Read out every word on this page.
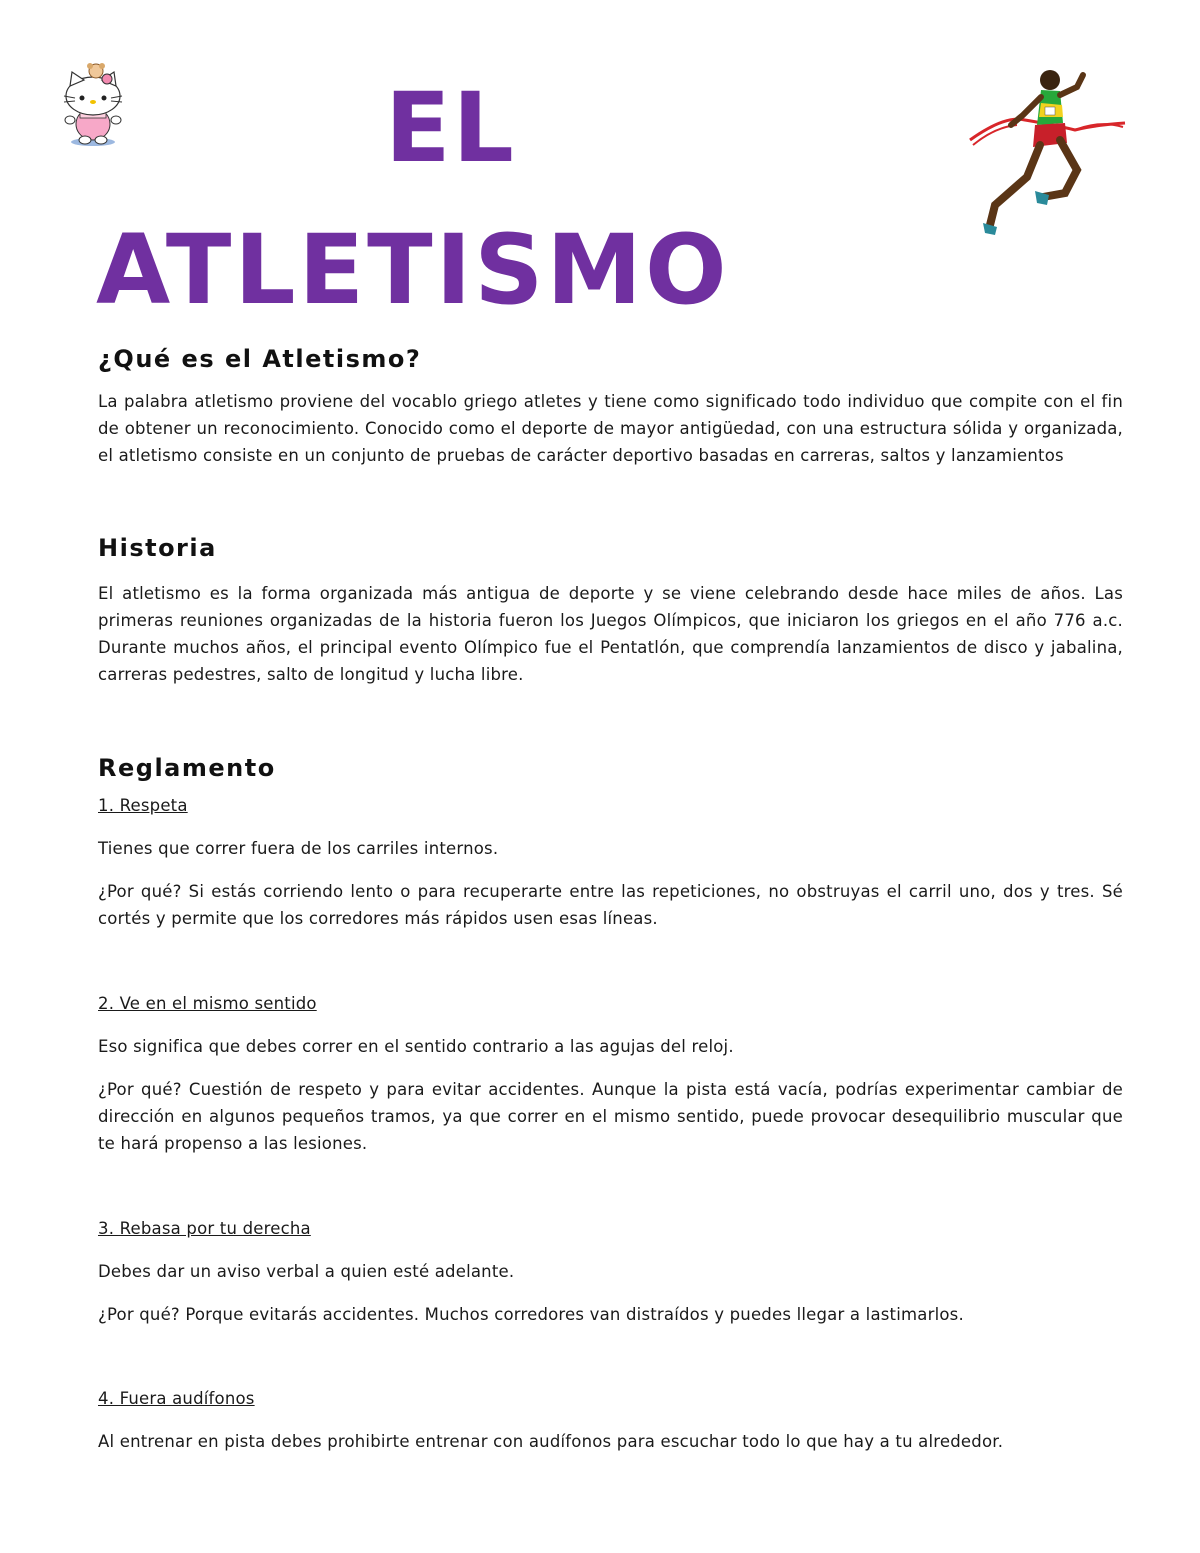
EL
ATLETISMO
¿Qué es el Atletismo?

La palabra atletismo proviene del vocablo griego atletes y tiene como significado todo individuo que compite con el fin de obtener un reconocimiento. Conocido como el deporte de mayor antigüedad, con una estructura sólida y organizada, el atletismo consiste en un conjunto de pruebas de carácter deportivo basadas en carreras, saltos y lanzamientos

Historia

El atletismo es la forma organizada más antigua de deporte y se viene celebrando desde hace miles de años. Las primeras reuniones organizadas de la historia fueron los Juegos Olímpicos, que iniciaron los griegos en el año 776 a.c. Durante muchos años, el principal evento Olímpico fue el Pentatlón, que comprendía lanzamientos de disco y jabalina, carreras pedestres, salto de longitud y lucha libre.

Reglamento

1. Respeta

Tienes que correr fuera de los carriles internos.

¿Por qué? Si estás corriendo lento o para recuperarte entre las repeticiones, no obstruyas el carril uno, dos y tres. Sé cortés y permite que los corredores más rápidos usen esas líneas.

2. Ve en el mismo sentido

Eso significa que debes correr en el sentido contrario a las agujas del reloj.

¿Por qué? Cuestión de respeto y para evitar accidentes. Aunque la pista está vacía, podrías experimentar cambiar de dirección en algunos pequeños tramos, ya que correr en el mismo sentido, puede provocar desequilibrio muscular que te hará propenso a las lesiones.

3. Rebasa por tu derecha

Debes dar un aviso verbal a quien esté adelante.

¿Por qué? Porque evitarás accidentes. Muchos corredores van distraídos y puedes llegar a lastimarlos.

4. Fuera audífonos

Al entrenar en pista debes prohibirte entrenar con audífonos para escuchar todo lo que hay a tu alrededor.
